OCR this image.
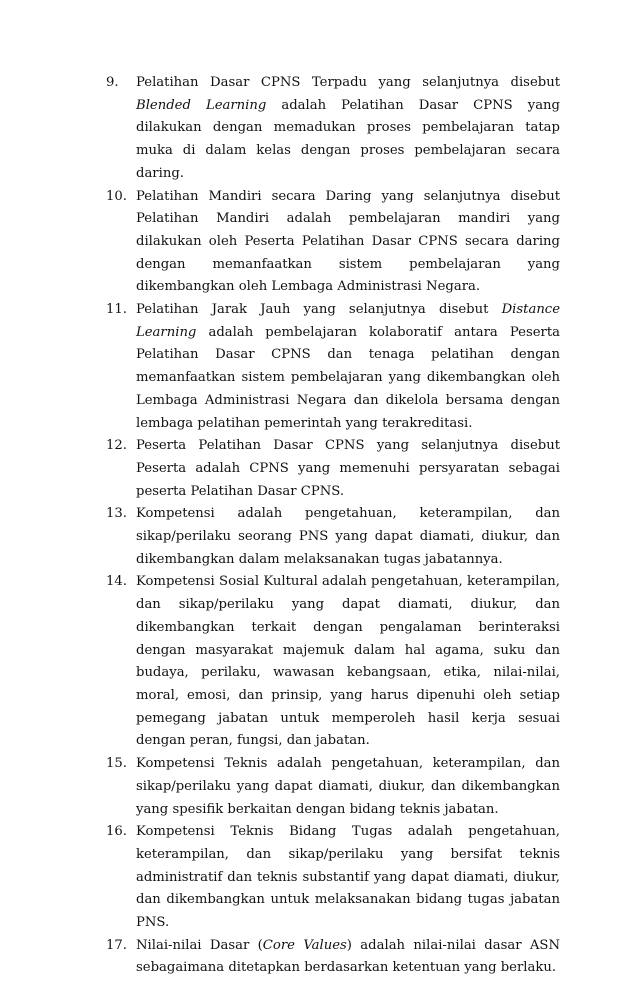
9.	Pelatihan Dasar CPNS Terpadu yang selanjutnya disebut Blended Learning adalah Pelatihan Dasar CPNS yang dilakukan dengan memadukan proses pembelajaran tatap muka di dalam kelas dengan proses pembelajaran secara daring.
10. Pelatihan Mandiri secara Daring yang selanjutnya disebut Pelatihan Mandiri adalah pembelajaran mandiri yang dilakukan oleh Peserta Pelatihan Dasar CPNS secara daring dengan memanfaatkan sistem pembelajaran yang dikembangkan oleh Lembaga Administrasi Negara.
11. Pelatihan Jarak Jauh yang selanjutnya disebut Distance Learning adalah pembelajaran kolaboratif antara Peserta Pelatihan Dasar CPNS dan tenaga pelatihan dengan memanfaatkan sistem pembelajaran yang dikembangkan oleh Lembaga Administrasi Negara dan dikelola bersama dengan lembaga pelatihan pemerintah yang terakreditasi.
12. Peserta Pelatihan Dasar CPNS yang selanjutnya disebut Peserta adalah CPNS yang memenuhi persyaratan sebagai peserta Pelatihan Dasar CPNS.
13. Kompetensi adalah pengetahuan, keterampilan, dan sikap/perilaku seorang PNS yang dapat diamati, diukur, dan dikembangkan dalam melaksanakan tugas jabatannya.
14. Kompetensi Sosial Kultural adalah pengetahuan, keterampilan, dan sikap/perilaku yang dapat diamati, diukur, dan dikembangkan terkait dengan pengalaman berinteraksi dengan masyarakat majemuk dalam hal agama, suku dan budaya, perilaku, wawasan kebangsaan, etika, nilai-nilai, moral, emosi, dan prinsip, yang harus dipenuhi oleh setiap pemegang jabatan untuk memperoleh hasil kerja sesuai dengan peran, fungsi, dan jabatan.
15. Kompetensi Teknis adalah pengetahuan, keterampilan, dan sikap/perilaku yang dapat diamati, diukur, dan dikembangkan yang spesifik berkaitan dengan bidang teknis jabatan.
16. Kompetensi Teknis Bidang Tugas adalah pengetahuan, keterampilan, dan sikap/perilaku yang bersifat teknis administratif dan teknis substantif yang dapat diamati, diukur, dan dikembangkan untuk melaksanakan bidang tugas jabatan PNS.
17. Nilai-nilai Dasar (Core Values) adalah nilai-nilai dasar ASN sebagaimana ditetapkan berdasarkan ketentuan yang berlaku.
